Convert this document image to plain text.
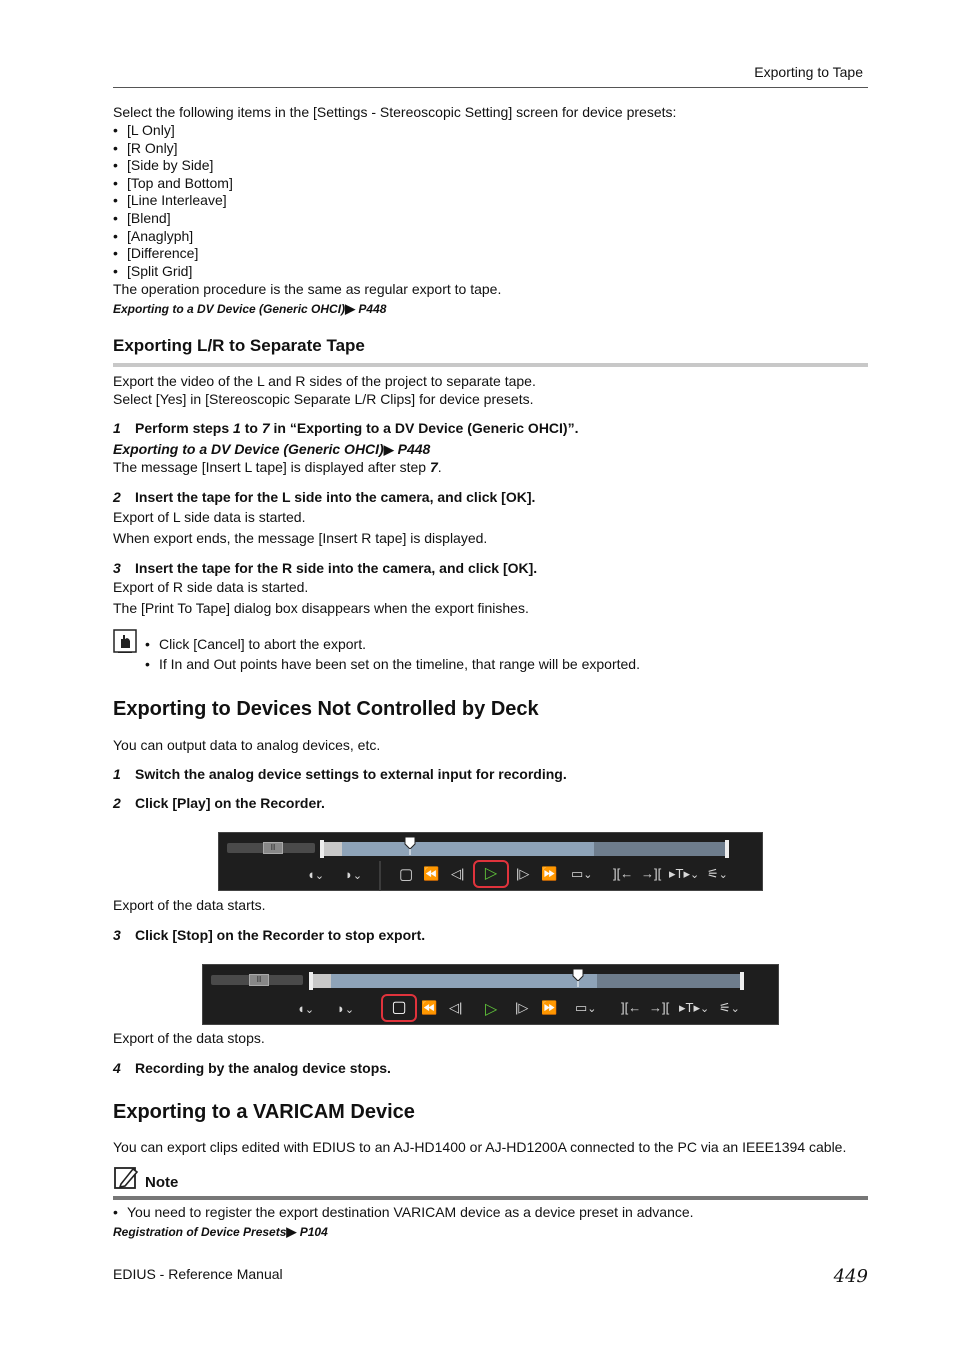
Exporting to Tape
Select the following items in the [Settings - Stereoscopic Setting] screen for device presets:
• [L Only]
• [R Only]
• [Side by Side]
• [Top and Bottom]
• [Line Interleave]
• [Blend]
• [Anaglyph]
• [Difference]
• [Split Grid]
The operation procedure is the same as regular export to tape.
Exporting to a DV Device (Generic OHCI)▶ P448
Exporting L/R to Separate Tape
Export the video of the L and R sides of the project to separate tape.
Select [Yes] in [Stereoscopic Separate L/R Clips] for device presets.
1 Perform steps 1 to 7 in “Exporting to a DV Device (Generic OHCI)”.
Exporting to a DV Device (Generic OHCI)▶ P448
The message [Insert L tape] is displayed after step 7.
2 Insert the tape for the L side into the camera, and click [OK].
Export of L side data is started.
When export ends, the message [Insert R tape] is displayed.
3 Insert the tape for the R side into the camera, and click [OK].
Export of R side data is started.
The [Print To Tape] dialog box disappears when the export finishes.
• Click [Cancel] to abort the export.
• If In and Out points have been set on the timeline, that range will be exported.
Exporting to Devices Not Controlled by Deck
You can output data to analog devices, etc.
1 Switch the analog device settings to external input for recording.
2 Click [Play] on the Recorder.
II
◖⌄ ◗⌄ ▢ ⏪ ◁|	▷	|▷ ⏩ ▭⌄ ][← →][ ▸T▸⌄ ⚟⌄
Export of the data starts.
3 Click [Stop] on the Recorder to stop export.
II
◖⌄ ◗⌄	▢	⏪ ◁| ▷ |▷ ⏩ ▭⌄ ][← →][ ▸T▸⌄ ⚟⌄
Export of the data stops.
4 Recording by the analog device stops.
Exporting to a VARICAM Device
You can export clips edited with EDIUS to an AJ-HD1400 or AJ-HD1200A connected to the PC via an IEEE1394 cable.
Note
• You need to register the export destination VARICAM device as a device preset in advance.
Registration of Device Presets▶ P104
EDIUS - Reference Manual	449
